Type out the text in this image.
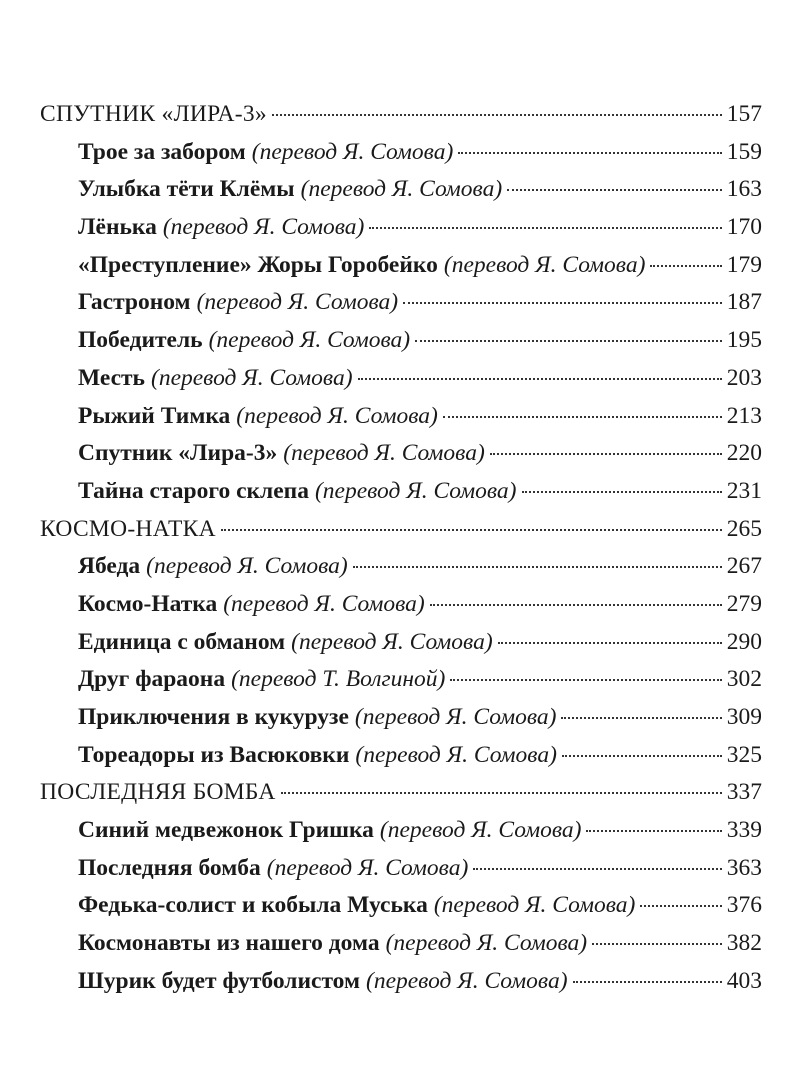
СПУТНИК «ЛИРА-3»	157
Трое за забором (перевод Я. Сомова)	159
Улыбка тёти Клёмы (перевод Я. Сомова)	163
Лёнька (перевод Я. Сомова)	170
«Преступление» Жоры Горобейко (перевод Я. Сомова)	179
Гастроном (перевод Я. Сомова)	187
Победитель (перевод Я. Сомова)	195
Месть (перевод Я. Сомова)	203
Рыжий Тимка (перевод Я. Сомова)	213
Спутник «Лира-3» (перевод Я. Сомова)	220
Тайна старого склепа (перевод Я. Сомова)	231
КОСМО-НАТКА	265
Ябеда (перевод Я. Сомова)	267
Космо-Натка (перевод Я. Сомова)	279
Единица с обманом (перевод Я. Сомова)	290
Друг фараона (перевод Т. Волгиной)	302
Приключения в кукурузе (перевод Я. Сомова)	309
Тореадоры из Васюковки (перевод Я. Сомова)	325
ПОСЛЕДНЯЯ БОМБА	337
Синий медвежонок Гришка (перевод Я. Сомова)	339
Последняя бомба (перевод Я. Сомова)	363
Федька-солист и кобыла Муська (перевод Я. Сомова)	376
Космонавты из нашего дома (перевод Я. Сомова)	382
Шурик будет футболистом (перевод Я. Сомова)	403
